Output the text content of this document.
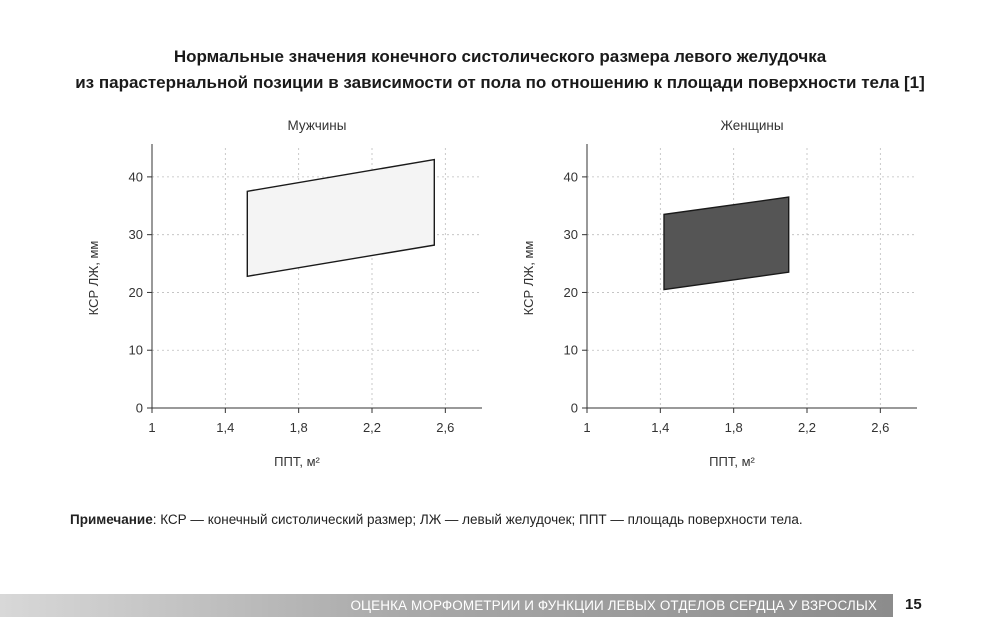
Нормальные значения конечного систолического размера левого желудочка
из парастернальной позиции в зависимости от пола по отношению к площади поверхности тела [1]
Мужчины
0
10
20
30
40
1	1,4	1,8	2,2	2,6
ППТ, м²
КСР ЛЖ, мм
Женщины
0
10
20
30
40
1	1,4	1,8	2,2	2,6
ППТ, м²
КСР ЛЖ, мм
Примечание: КСР — конечный систолический размер; ЛЖ — левый желудочек; ППТ — площадь поверхности тела.
ОЦЕНКА МОРФОМЕТРИИ И ФУНКЦИИ ЛЕВЫХ ОТДЕЛОВ СЕРДЦА У ВЗРОСЛЫХ 15
